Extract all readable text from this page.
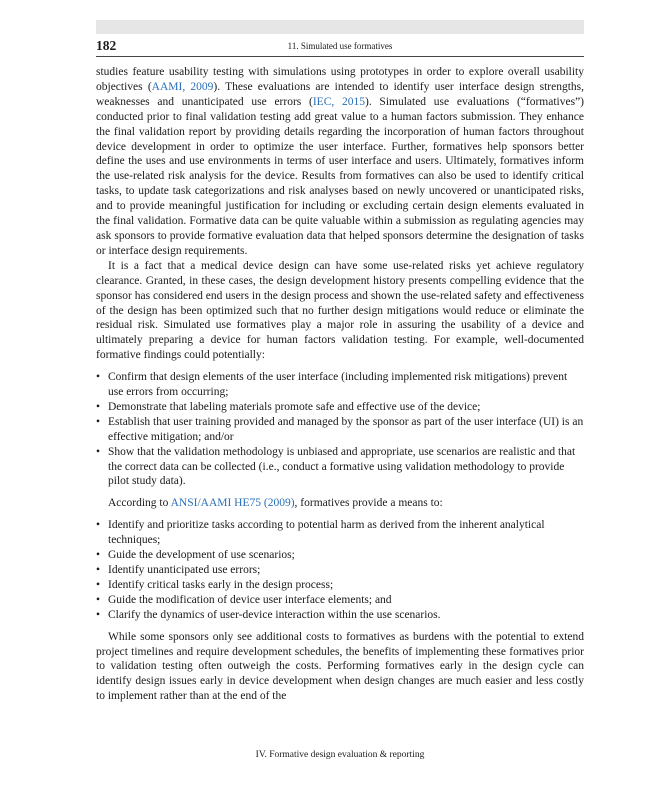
182	11. Simulated use formatives

studies feature usability testing with simulations using prototypes in order to explore overall usability objectives (AAMI, 2009). These evaluations are intended to identify user interface design strengths, weaknesses and unanticipated use errors (IEC, 2015). Simulated use evaluations (“formatives”) conducted prior to final validation testing add great value to a human factors submission. They enhance the final validation report by providing details regarding the incorporation of human factors throughout device development in order to optimize the user interface. Further, formatives help sponsors better define the uses and use environments in terms of user interface and users. Ultimately, formatives inform the use-related risk analysis for the device. Results from formatives can also be used to identify critical tasks, to update task categorizations and risk analyses based on newly uncovered or unanticipated risks, and to provide meaningful justification for including or excluding certain design elements evaluated in the final validation. Formative data can be quite valuable within a submission as regulating agencies may ask sponsors to provide formative evaluation data that helped sponsors determine the designation of tasks or interface design requirements.

It is a fact that a medical device design can have some use-related risks yet achieve regulatory clearance. Granted, in these cases, the design development history presents compelling evidence that the sponsor has considered end users in the design process and shown the use-related safety and effectiveness of the design has been optimized such that no further design mitigations would reduce or eliminate the residual risk. Simulated use formatives play a major role in assuring the usability of a device and ultimately preparing a device for human factors validation testing. For example, well-documented formative findings could potentially:

• Confirm that design elements of the user interface (including implemented risk mitigations) prevent use errors from occurring;
• Demonstrate that labeling materials promote safe and effective use of the device;
• Establish that user training provided and managed by the sponsor as part of the user interface (UI) is an effective mitigation; and/or
• Show that the validation methodology is unbiased and appropriate, use scenarios are realistic and that the correct data can be collected (i.e., conduct a formative using validation methodology to provide pilot study data).

According to ANSI/AAMI HE75 (2009), formatives provide a means to:

• Identify and prioritize tasks according to potential harm as derived from the inherent analytical techniques;
• Guide the development of use scenarios;
• Identify unanticipated use errors;
• Identify critical tasks early in the design process;
• Guide the modification of device user interface elements; and
• Clarify the dynamics of user-device interaction within the use scenarios.

While some sponsors only see additional costs to formatives as burdens with the potential to extend project timelines and require development schedules, the benefits of implementing these formatives prior to validation testing often outweigh the costs. Performing formatives early in the design cycle can identify design issues early in device development when design changes are much easier and less costly to implement rather than at the end of the

IV. Formative design evaluation & reporting
